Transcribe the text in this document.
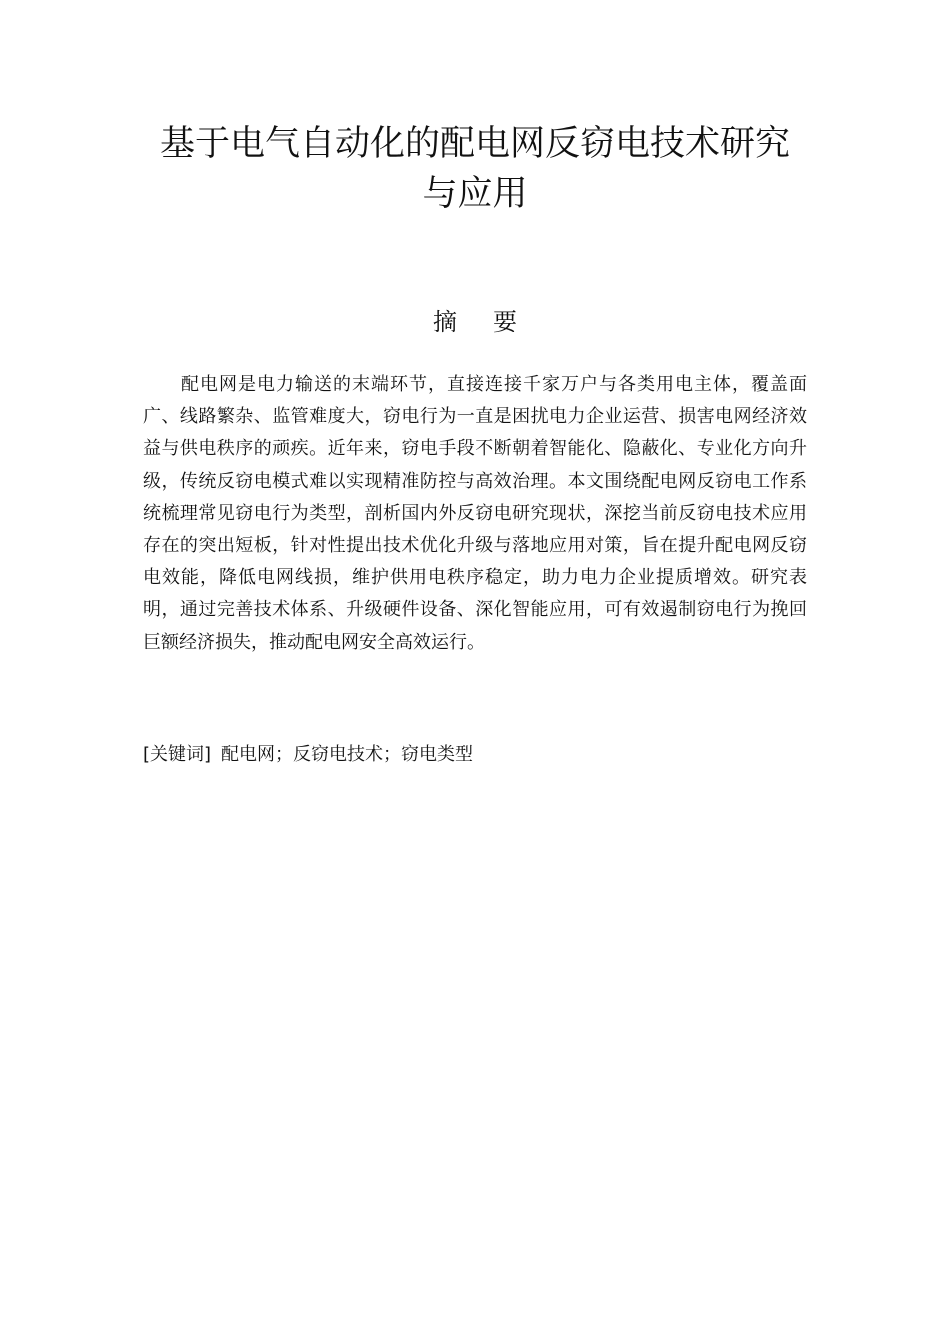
基于电气自动化的配电网反窃电技术研究
与应用
摘要

配电网是电力输送的末端环节，直接连接千家万户与各类用电主体，覆盖面广、线路繁杂、监管难度大，窃电行为一直是困扰电力企业运营、损害电网经济效益与供电秩序的顽疾。近年来，窃电手段不断朝着智能化、隐蔽化、专业化方向升级，传统反窃电模式难以实现精准防控与高效治理。本文围绕配电网反窃电工作系统梳理常见窃电行为类型，剖析国内外反窃电研究现状，深挖当前反窃电技术应用存在的突出短板，针对性提出技术优化升级与落地应用对策，旨在提升配电网反窃电效能，降低电网线损，维护供用电秩序稳定，助力电力企业提质增效。研究表明，通过完善技术体系、升级硬件设备、深化智能应用，可有效遏制窃电行为挽回巨额经济损失，推动配电网安全高效运行。

[关键词] 配电网；反窃电技术；窃电类型
